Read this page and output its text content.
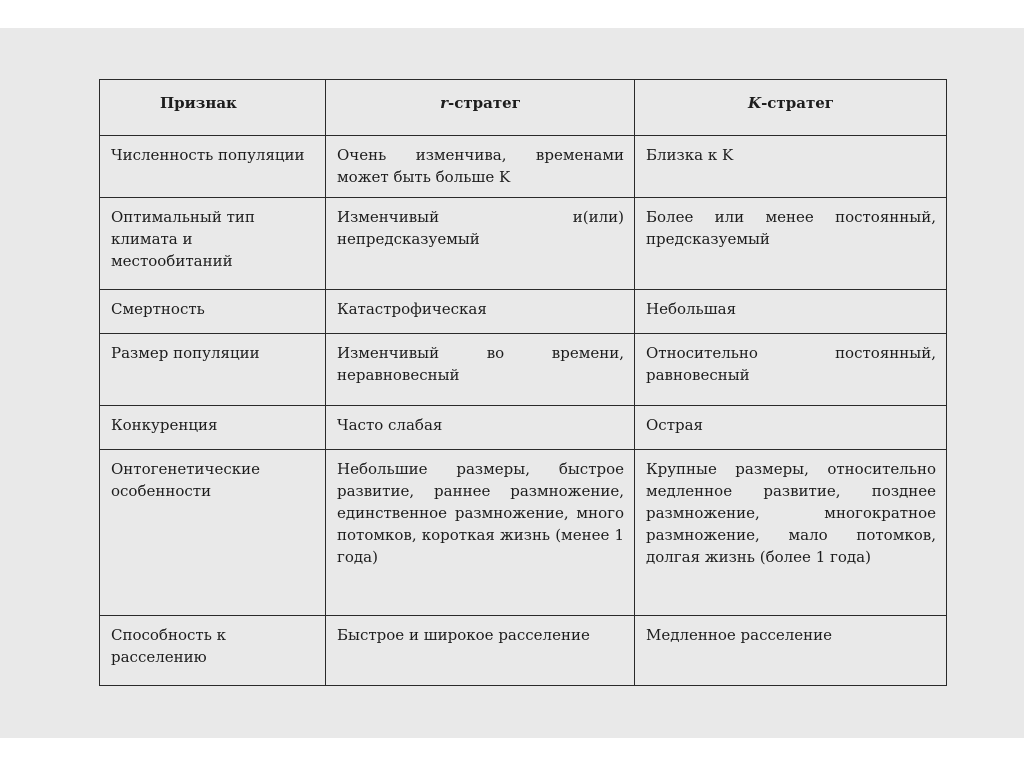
Признак	r-стратег	K-стратег
Численность популяции	Очень изменчива, временами может быть больше K	Близка к K
Оптимальный тип климата и местообитаний	Изменчивый и(или) непредсказуемый	Более или менее постоянный, предсказуемый
Смертность	Катастрофическая	Небольшая
Размер популяции	Изменчивый во времени, неравновесный	Относительно постоянный, равновесный
Конкуренция	Часто слабая	Острая
Онтогенетические особенности	Небольшие размеры, быстрое развитие, раннее размножение, единственное размножение, много потомков, короткая жизнь (менее 1 года)	Крупные размеры, относительно медленное развитие, позднее размножение, многократное размножение, мало потомков, долгая жизнь (более 1 года)
Способность к расселению	Быстрое и широкое расселение	Медленное расселение
